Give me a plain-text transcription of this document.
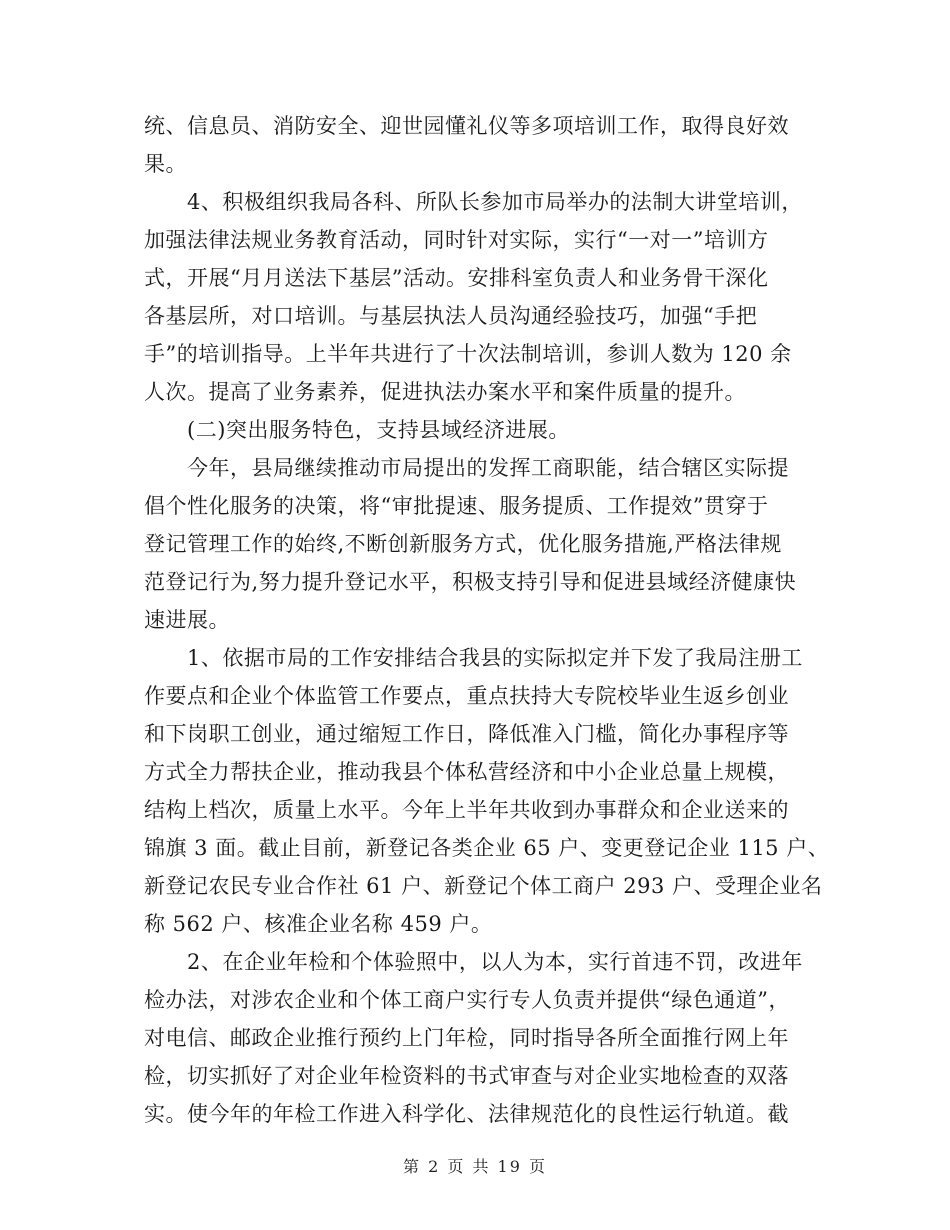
统、信息员、消防安全、迎世园懂礼仪等多项培训工作，取得良好效
果。
4、积极组织我局各科、所队长参加市局举办的法制大讲堂培训，
加强法律法规业务教育活动，同时针对实际，实行“一对一”培训方
式，开展“月月送法下基层”活动。安排科室负责人和业务骨干深化
各基层所，对口培训。与基层执法人员沟通经验技巧，加强“手把
手”的培训指导。上半年共进行了十次法制培训，参训人数为 120 余
人次。提高了业务素养，促进执法办案水平和案件质量的提升。
(二)突出服务特色，支持县域经济进展。
今年，县局继续推动市局提出的发挥工商职能，结合辖区实际提
倡个性化服务的决策，将“审批提速、服务提质、工作提效”贯穿于
登记管理工作的始终,不断创新服务方式，优化服务措施,严格法律规
范登记行为,努力提升登记水平，积极支持引导和促进县域经济健康快
速进展。
1、依据市局的工作安排结合我县的实际拟定并下发了我局注册工
作要点和企业个体监管工作要点，重点扶持大专院校毕业生返乡创业
和下岗职工创业，通过缩短工作日，降低准入门槛，简化办事程序等
方式全力帮扶企业，推动我县个体私营经济和中小企业总量上规模，
结构上档次，质量上水平。今年上半年共收到办事群众和企业送来的
锦旗 3 面。截止目前，新登记各类企业 65 户、变更登记企业 115 户、
新登记农民专业合作社 61 户、新登记个体工商户 293 户、受理企业名
称 562 户、核准企业名称 459 户。
2、在企业年检和个体验照中，以人为本，实行首违不罚，改进年
检办法，对涉农企业和个体工商户实行专人负责并提供“绿色通道”，
对电信、邮政企业推行预约上门年检，同时指导各所全面推行网上年
检，切实抓好了对企业年检资料的书式审查与对企业实地检查的双落
实。使今年的年检工作进入科学化、法律规范化的良性运行轨道。截
第 2 页 共 19 页
